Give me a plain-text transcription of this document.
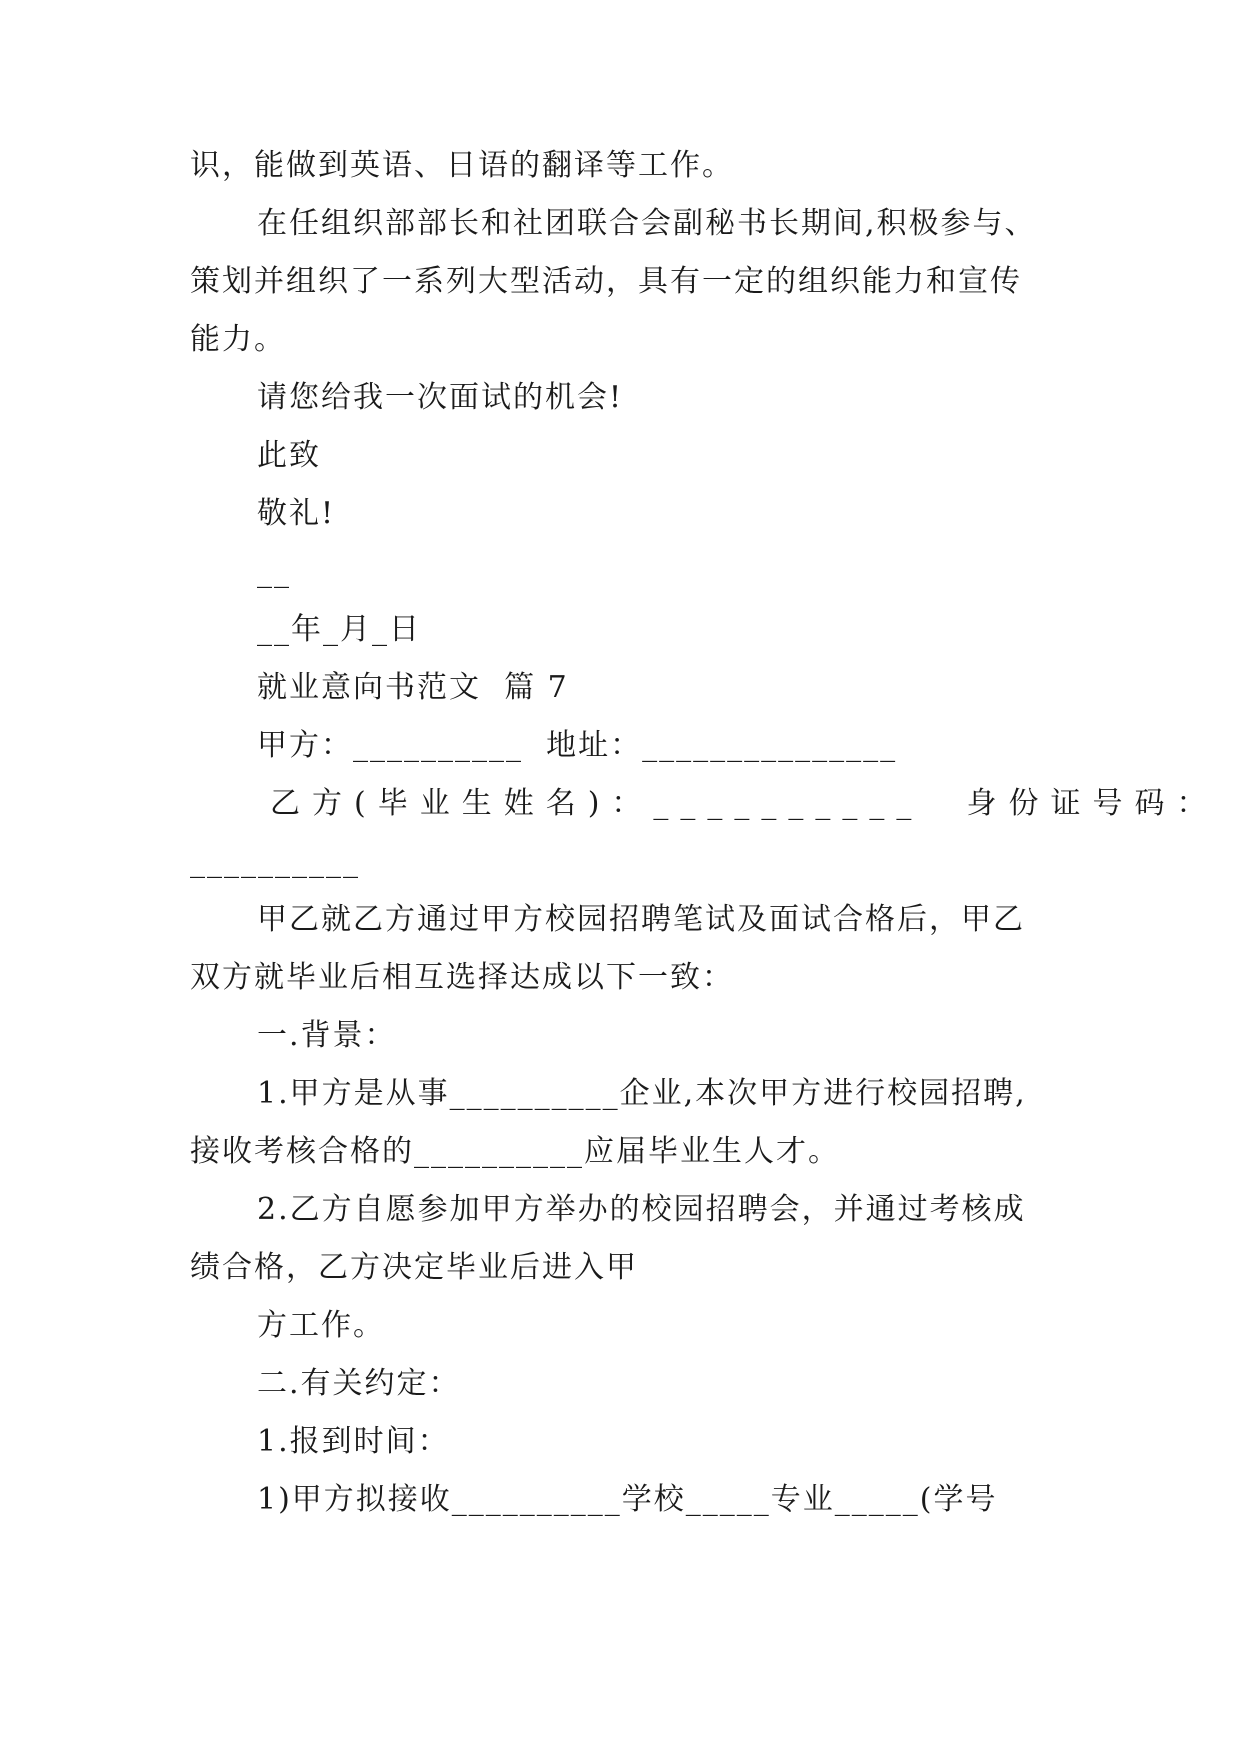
识，能做到英语、日语的翻译等工作。
在任组织部部长和社团联合会副秘书长期间,积极参与、
策划并组织了一系列大型活动，具有一定的组织能力和宣传
能力。
请您给我一次面试的机会!
此致
敬礼!
__
__年_月_日
就业意向书范文  篇 7
甲方：__________  地址：_______________
乙方(毕业生姓名)：__________  身份证号码：
__________
甲乙就乙方通过甲方校园招聘笔试及面试合格后，甲乙
双方就毕业后相互选择达成以下一致：
一.背景：
1.甲方是从事__________企业,本次甲方进行校园招聘,
接收考核合格的__________应届毕业生人才。
2.乙方自愿参加甲方举办的校园招聘会，并通过考核成
绩合格，乙方决定毕业后进入甲
方工作。
二.有关约定：
1.报到时间：
1)甲方拟接收__________学校_____专业_____(学号
